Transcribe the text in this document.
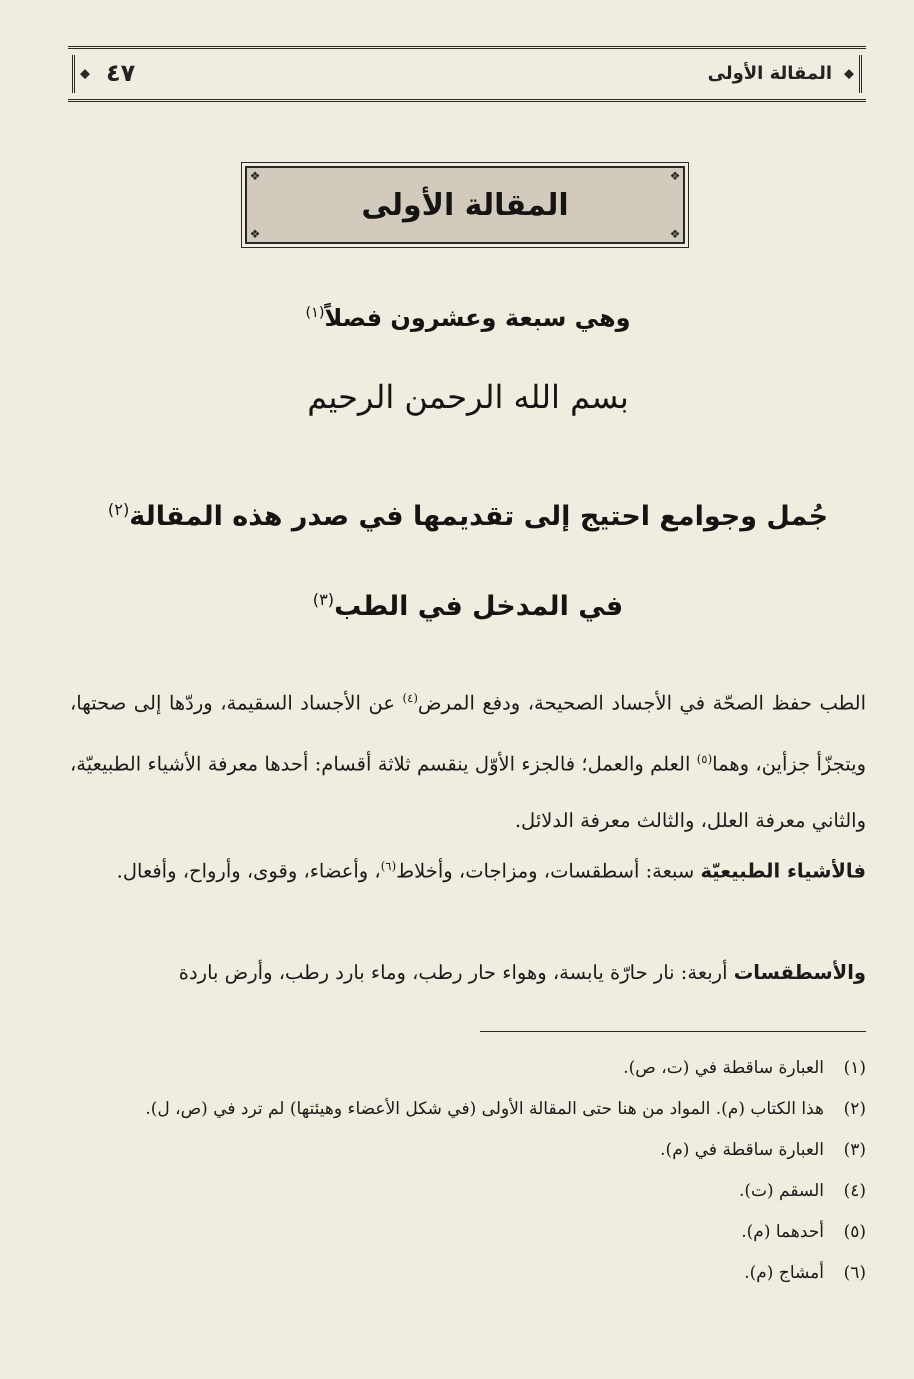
◆
◆	المقالة الأولى
٤٧
❖	❖
❖	❖
المقالة الأولى
وهي سبعة وعشرون فصلاً$^{(١)}$
بسم الله الرحمن الرحيم
جُمل وجوامع احتيج إلى تقديمها في صدر هذه المقالة$^{(٢)}$
في المدخل في الطب$^{(٣)}$

الطب حفظ الصحّة في الأجساد الصحيحة، ودفع المرض$^{(٤)}$ عن الأجساد السقيمة، وردّها إلى صحتها، ويتجزّأ جزأين، وهما$^{(٥)}$ العلم والعمل؛ فالجزء الأوّل ينقسم ثلاثة أقسام: أحدها معرفة الأشياء الطبيعيّة، والثاني معرفة العلل، والثالث معرفة الدلائل.

فالأشياء الطبيعيّة سبعة: أسطقسات، ومزاجات، وأخلاط$^{(٦)}$، وأعضاء، وقوى، وأرواح، وأفعال.

والأسطقسات أربعة: نار حارّة يابسة، وهواء حار رطب، وماء بارد رطب، وأرض باردة

(١)العبارة ساقطة في (ت، ص).
(٢)هذا الكتاب (م). المواد من هنا حتى المقالة الأولى (في شكل الأعضاء وهيئتها) لم ترد في (ص، ل).
(٣)العبارة ساقطة في (م).
(٤)السقم (ت).
(٥)أحدهما (م).
(٦)أمشاج (م).
